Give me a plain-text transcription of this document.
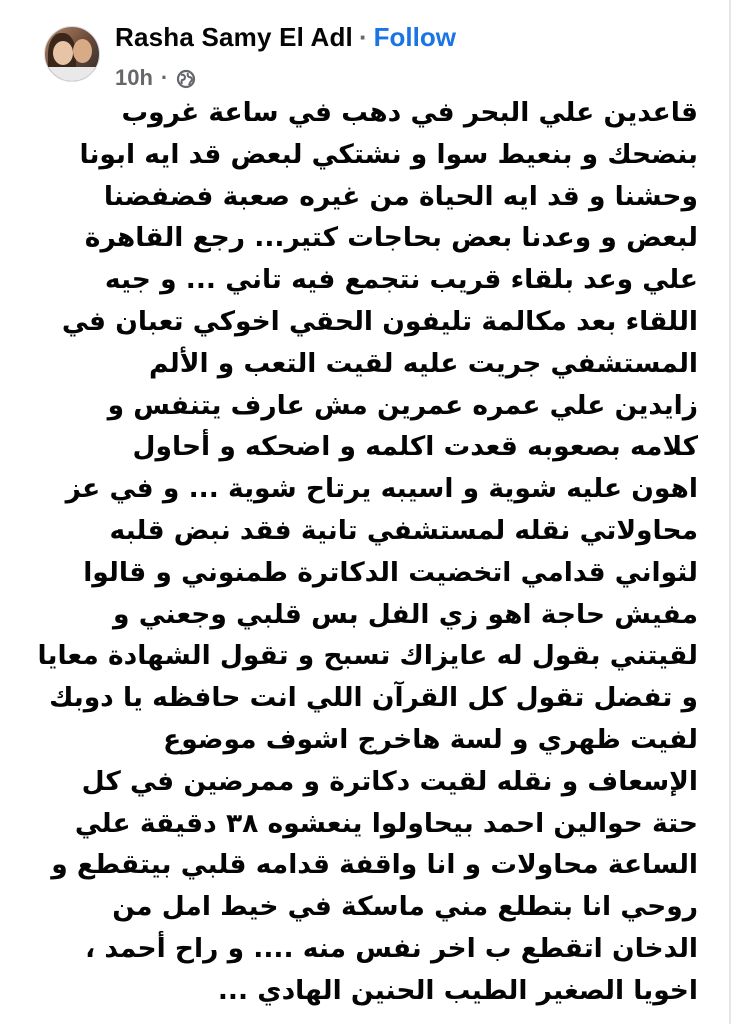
Rasha Samy El Adl · Follow
10h ·
قاعدين علي البحر في دهب في ساعة غروب
بنضحك و بنعيط سوا و نشتكي لبعض قد ايه ابونا
وحشنا و قد ايه الحياة من غيره صعبة فضفضنا
لبعض و وعدنا بعض بحاجات كتير... رجع القاهرة
علي وعد بلقاء قريب نتجمع فيه تاني ... و جيه
اللقاء بعد مكالمة تليفون الحقي اخوكي تعبان في
المستشفي جريت عليه لقيت التعب و الألم
زايدين علي عمره عمرين مش عارف يتنفس و
كلامه بصعوبه قعدت اكلمه و اضحكه و أحاول
اهون عليه شوية و اسيبه يرتاح شوية ... و في عز
محاولاتي نقله لمستشفي تانية فقد نبض قلبه
لثواني قدامي اتخضيت الدكاترة طمنوني و قالوا
مفيش حاجة اهو زي الفل بس قلبي وجعني و
لقيتني بقول له عايزاك تسبح و تقول الشهادة معايا
و تفضل تقول كل القرآن اللي انت حافظه يا دوبك
لفيت ظهري و لسة هاخرج اشوف موضوع
الإسعاف و نقله لقيت دكاترة و ممرضين في كل
حتة حوالين احمد بيحاولوا ينعشوه ٣٨ دقيقة علي
الساعة محاولات و انا واقفة قدامه قلبي بيتقطع و
روحي انا بتطلع مني ماسكة في خيط امل من
الدخان اتقطع ب اخر نفس منه .... و راح أحمد ،
اخويا الصغير الطيب الحنين الهادي ...
